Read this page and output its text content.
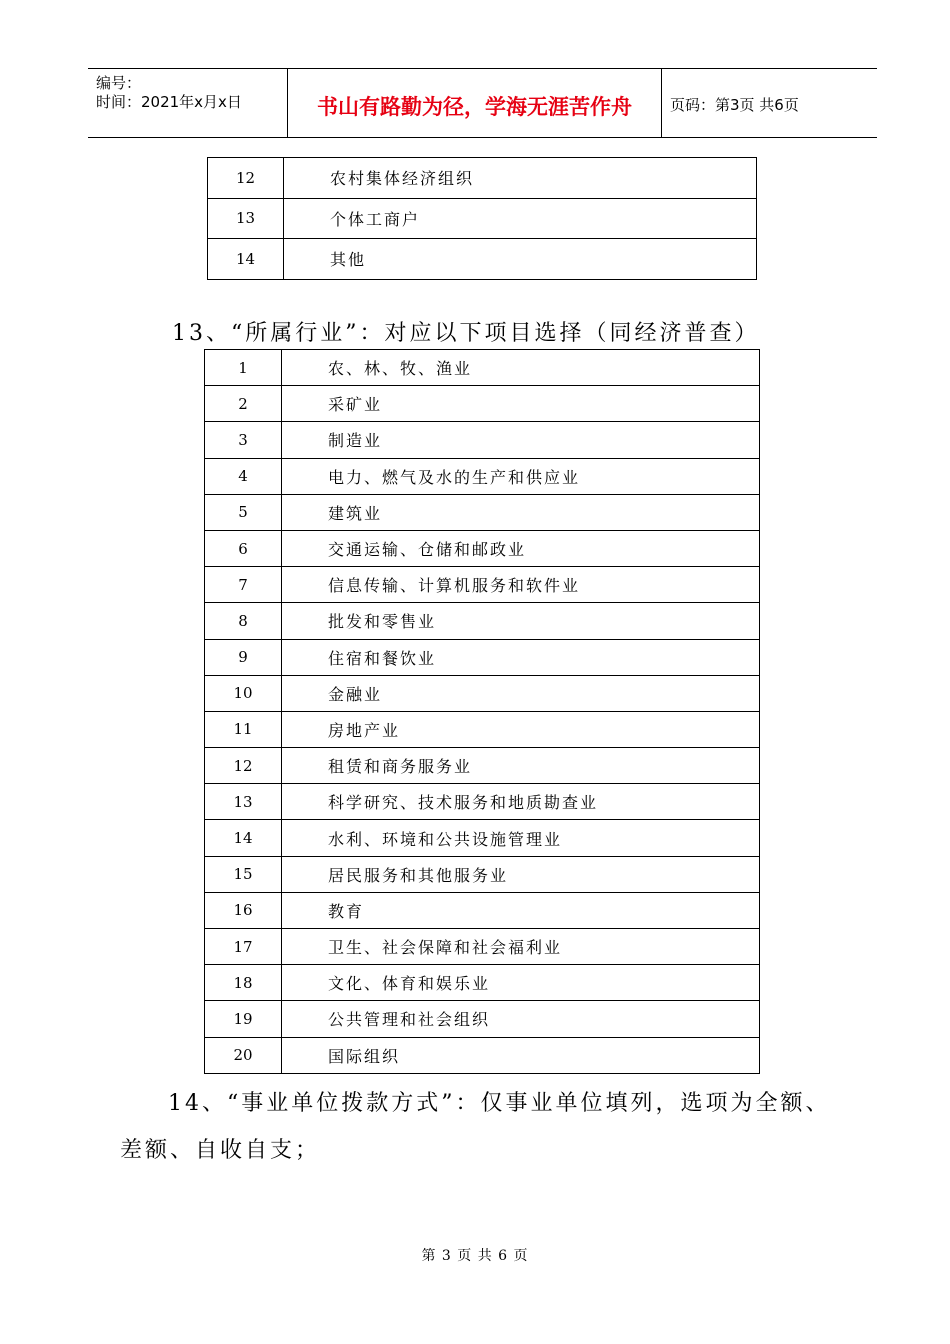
编号：
时间：2021年x月x日	书山有路勤为径，学海无涯苦作舟	页码：第3页 共6页
12	农村集体经济组织
13	个体工商户
14	其他
13、“所属行业”：对应以下项目选择（同经济普查）
1	农、林、牧、渔业
2	采矿业
3	制造业
4	电力、燃气及水的生产和供应业
5	建筑业
6	交通运输、仓储和邮政业
7	信息传输、计算机服务和软件业
8	批发和零售业
9	住宿和餐饮业
10	金融业
11	房地产业
12	租赁和商务服务业
13	科学研究、技术服务和地质勘查业
14	水利、环境和公共设施管理业
15	居民服务和其他服务业
16	教育
17	卫生、社会保障和社会福利业
18	文化、体育和娱乐业
19	公共管理和社会组织
20	国际组织
14、“事业单位拨款方式”：仅事业单位填列，选项为全额、
差额、自收自支；
第 3 页 共 6 页
